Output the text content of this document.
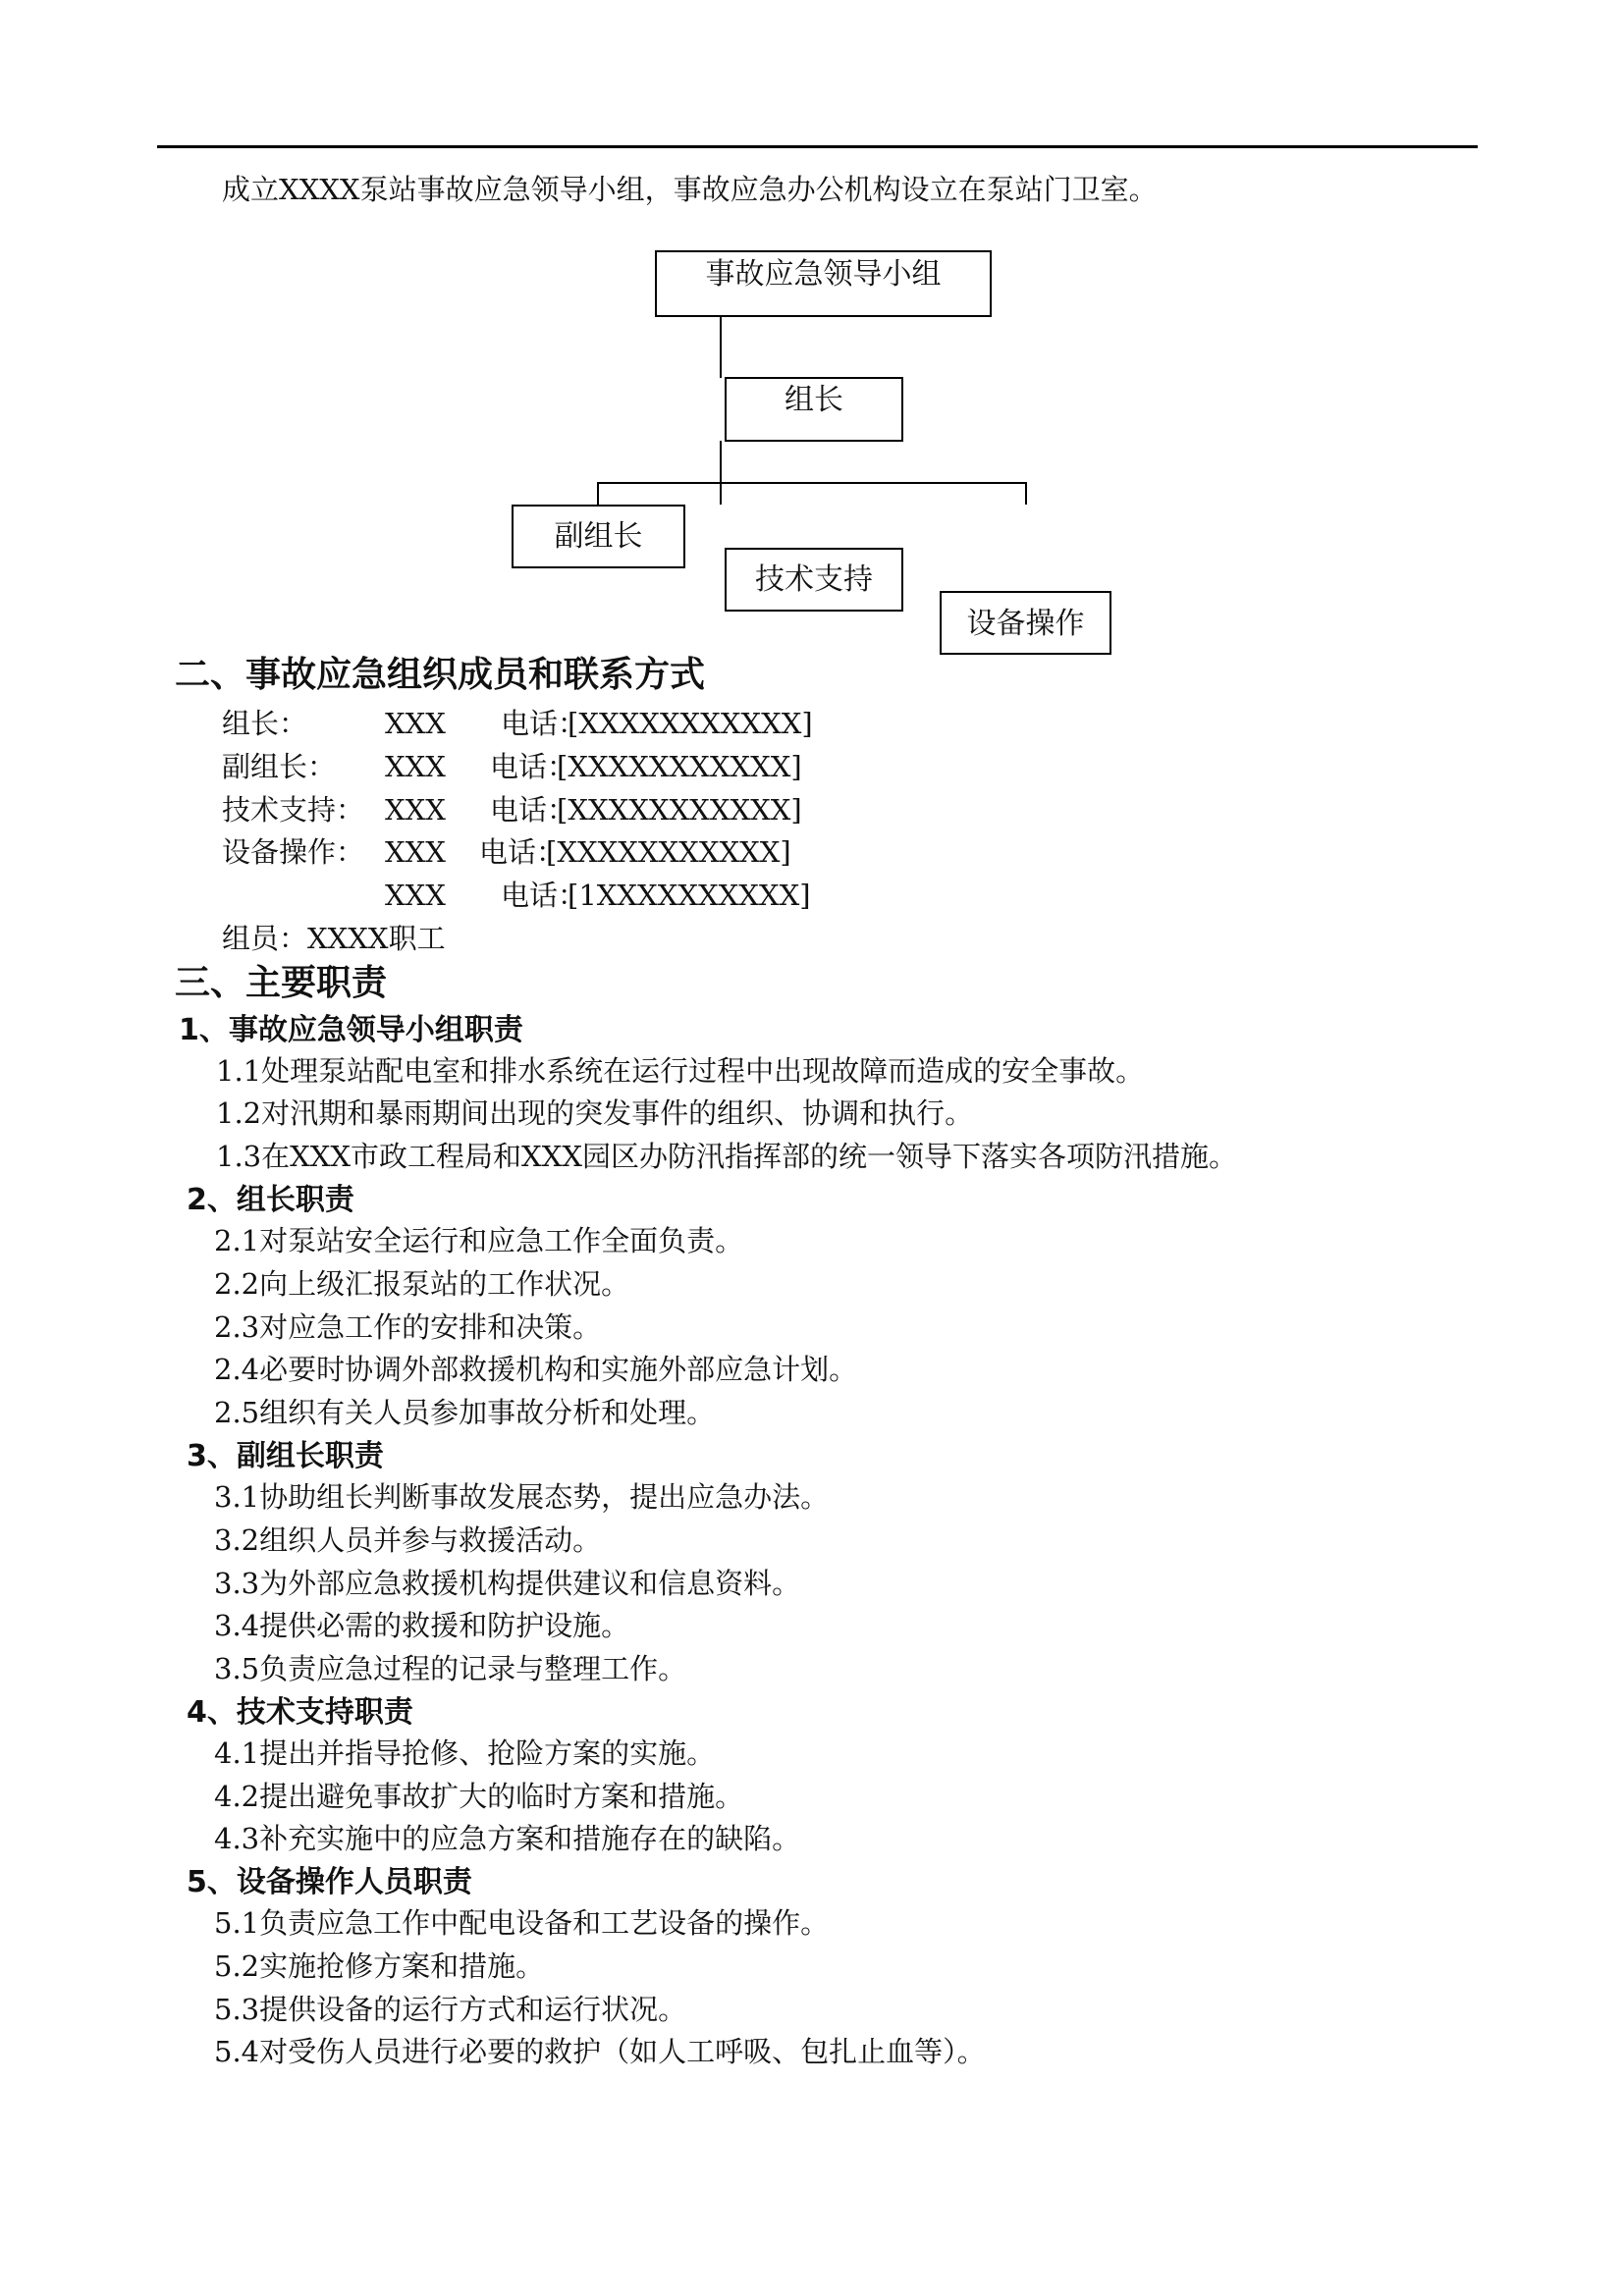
成立XXXX泵站事故应急领导小组，事故应急办公机构设立在泵站门卫室。
事故应急领导小组
组长
副组长
技术支持
设备操作
二、事故应急组织成员和联系方式
组长：	XXX 电话：
[XXXXXXXXXXX]
副组长： XXX 电话：
[XXXXXXXXXXX]
技术支持： XXX 电话：
[XXXXXXXXXXX]
设备操作： XXX 电话：
[XXXXXXXXXXX]
XXX 电话：
[1XXXXXXXXXX]
组员：XXXX职工
三、主要职责
1、事故应急领导小组职责
1.1处理泵站配电室和排水系统在运行过程中出现故障而造成的安全事故。
1.2对汛期和暴雨期间出现的突发事件的组织、协调和执行。
1.3在XXX市政工程局和XXX园区办防汛指挥部的统一领导下落实各项防汛措施。
2、组长职责
2.1对泵站安全运行和应急工作全面负责。
2.2向上级汇报泵站的工作状况。
2.3对应急工作的安排和决策。
2.4必要时协调外部救援机构和实施外部应急计划。
2.5组织有关人员参加事故分析和处理。
3、副组长职责
3.1协助组长判断事故发展态势，提出应急办法。
3.2组织人员并参与救援活动。
3.3为外部应急救援机构提供建议和信息资料。
3.4提供必需的救援和防护设施。
3.5负责应急过程的记录与整理工作。
4、技术支持职责
4.1提出并指导抢修、抢险方案的实施。
4.2提出避免事故扩大的临时方案和措施。
4.3补充实施中的应急方案和措施存在的缺陷。
5、设备操作人员职责
5.1负责应急工作中配电设备和工艺设备的操作。
5.2实施抢修方案和措施。
5.3提供设备的运行方式和运行状况。
5.4对受伤人员进行必要的救护（如人工呼吸、包扎止血等）。
